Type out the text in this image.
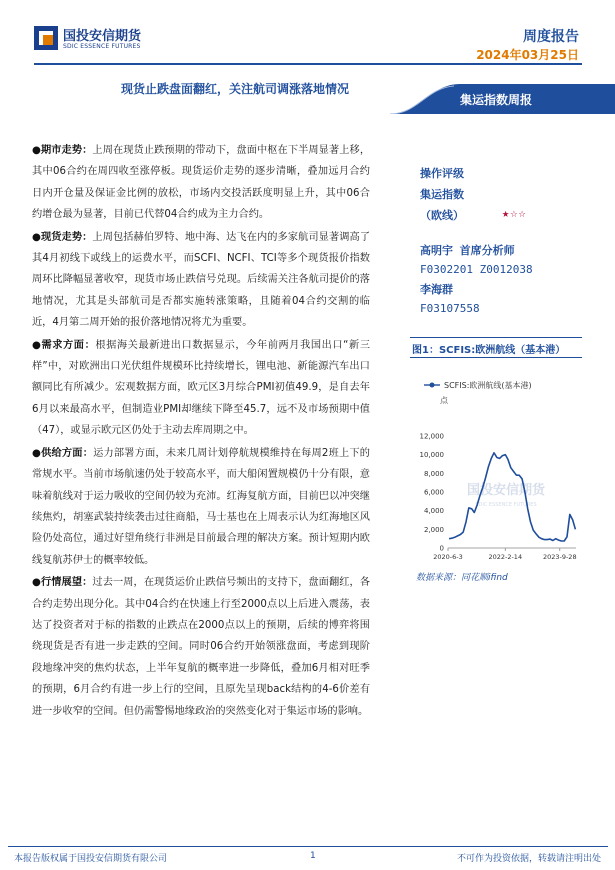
国投安信期货
SDIC ESSENCE FUTURES
周度报告
2024年03月25日
现货止跌盘面翻红，关注航司调涨落地情况
集运指数周报

●期市走势：上周在现货止跌预期的带动下，盘面中枢在下半周显著上移，其中06合约在周四收至涨停板。现货运价走势的逐步清晰，叠加远月合约日内开仓量及保证金比例的放松，市场内交投活跃度明显上升，其中06合约增仓最为显著，目前已代替04合约成为主力合约。

●现货走势：上周包括赫伯罗特、地中海、达飞在内的多家航司显著调高了其4月初线下或线上的运费水平，而SCFI、NCFI、TCI等多个现货报价指数周环比降幅显著收窄，现货市场止跌信号兑现。后续需关注各航司提价的落地情况，尤其是头部航司是否都实施转涨策略，且随着04合约交割的临近，4月第二周开始的报价落地情况将尤为重要。

●需求方面：根据海关最新进出口数据显示，今年前两月我国出口“新三样”中，对欧洲出口光伏组件规模环比持续增长，锂电池、新能源汽车出口额同比有所减少。宏观数据方面，欧元区3月综合PMI初值49.9，是自去年6月以来最高水平，但制造业PMI却继续下降至45.7，远不及市场预期中值（47），或显示欧元区仍处于主动去库周期之中。

●供给方面：运力部署方面，未来几周计划停航规模维持在每周2班上下的常规水平。当前市场航速仍处于较高水平，而大船闲置规模仍十分有限，意味着航线对于运力吸收的空间仍较为充沛。红海复航方面，目前巴以冲突继续焦灼，胡塞武装持续袭击过往商船，马士基也在上周表示认为红海地区风险仍处高位，通过好望角绕行非洲是目前最合理的解决方案。预计短期内欧线复航苏伊士的概率较低。

●行情展望：过去一周，在现货运价止跌信号频出的支持下，盘面翻红，各合约走势出现分化。其中04合约在快速上行至2000点以上后进入震荡，表达了投资者对于标的指数的止跌点在2000点以上的预期，后续的博弈将围绕现货是否有进一步走跌的空间。同时06合约开始领涨盘面，考虑到现阶段地缘冲突的焦灼状态，上半年复航的概率进一步降低，叠加6月相对旺季的预期，6月合约有进一步上行的空间，且原先呈现back结构的4-6价差有进一步收窄的空间。但仍需警惕地缘政治的突然变化对于集运市场的影响。

操作评级
集运指数
（欧线）	★☆☆
高明宇 首席分析师
F0302201 Z0012038
李海群
F03107558
图1：SCFIS:欧洲航线（基本港）
国投安信期货
SDIC ESSENCE FUTURES
SCFIS:欧洲航线(基本港)
点
0
2,000
4,000
6,000
8,000
10,000
12,000
2020-6-3	2022-2-14	2023-9-28
数据来源：同花顺ifind
本报告版权属于国投安信期货有限公司	1	不可作为投资依据，转载请注明出处
